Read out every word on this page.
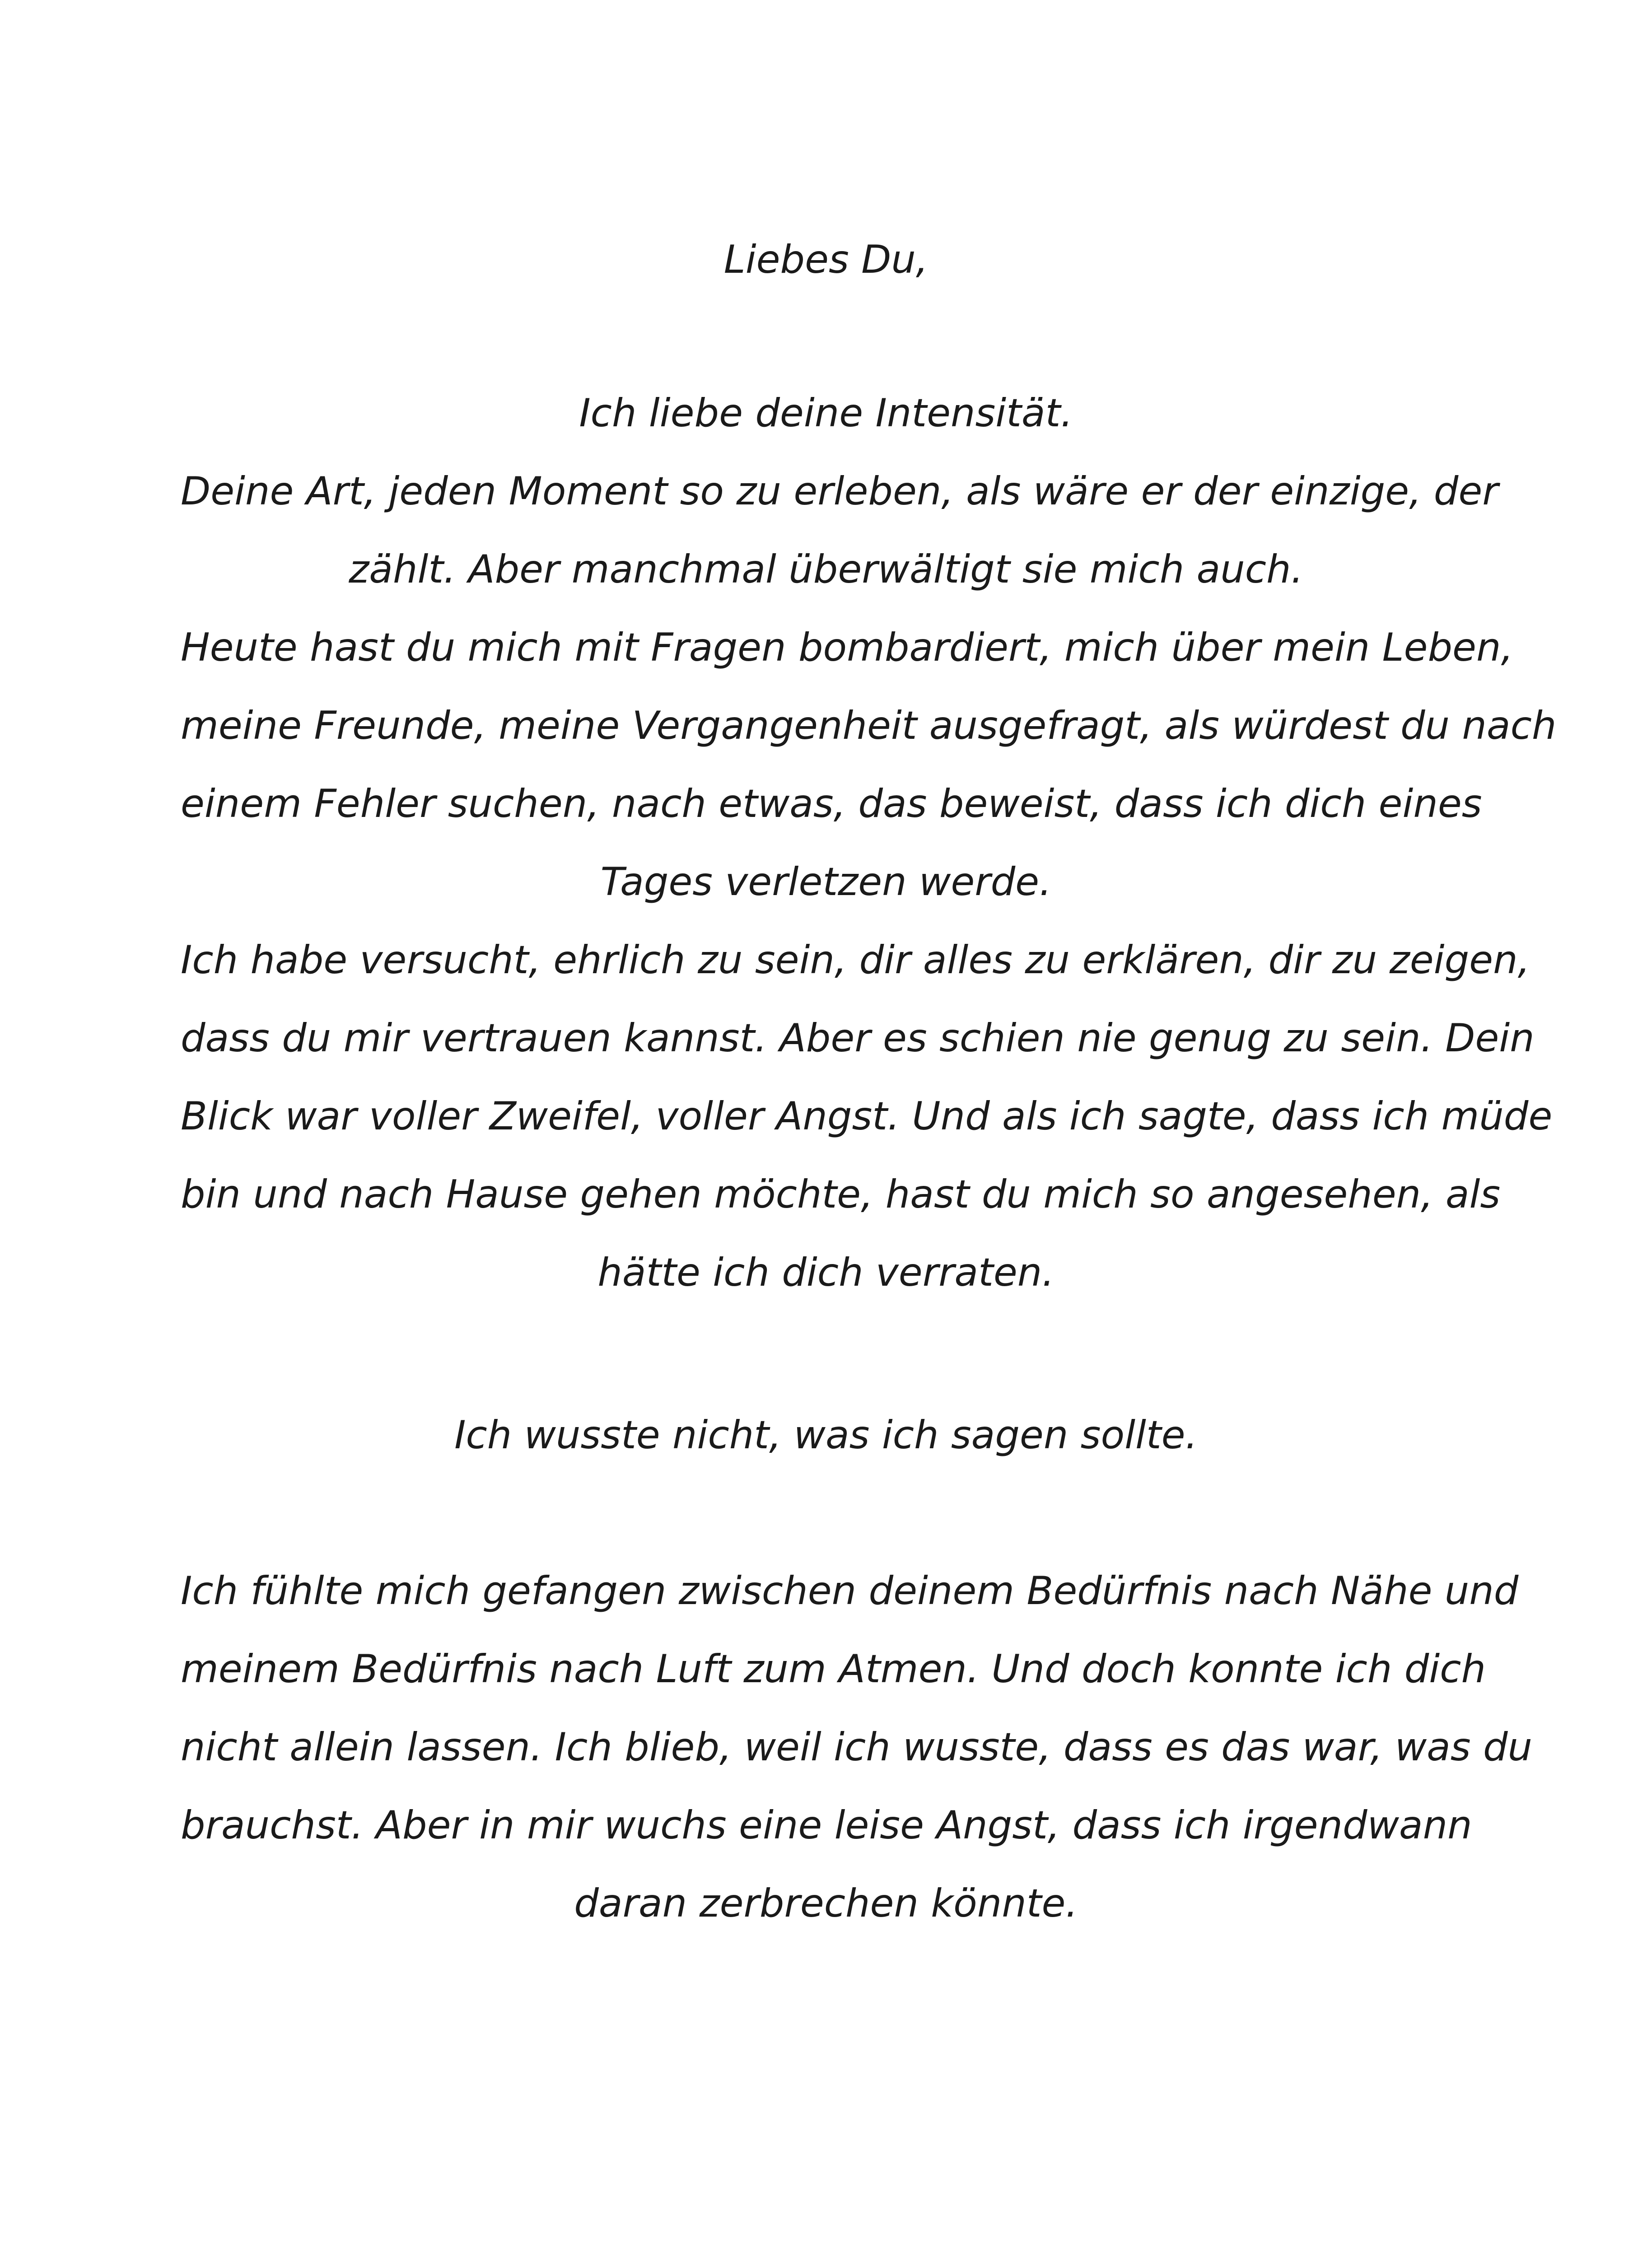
Liebes Du,
Ich liebe deine Intensität.
Deine Art, jeden Moment so zu erleben, als wäre er der einzige, der
zählt. Aber manchmal überwältigt sie mich auch.
Heute hast du mich mit Fragen bombardiert, mich über mein Leben,
meine Freunde, meine Vergangenheit ausgefragt, als würdest du nach
einem Fehler suchen, nach etwas, das beweist, dass ich dich eines
Tages verletzen werde.
Ich habe versucht, ehrlich zu sein, dir alles zu erklären, dir zu zeigen,
dass du mir vertrauen kannst. Aber es schien nie genug zu sein. Dein
Blick war voller Zweifel, voller Angst. Und als ich sagte, dass ich müde
bin und nach Hause gehen möchte, hast du mich so angesehen, als
hätte ich dich verraten.
Ich wusste nicht, was ich sagen sollte.
Ich fühlte mich gefangen zwischen deinem Bedürfnis nach Nähe und
meinem Bedürfnis nach Luft zum Atmen. Und doch konnte ich dich
nicht allein lassen. Ich blieb, weil ich wusste, dass es das war, was du
brauchst. Aber in mir wuchs eine leise Angst, dass ich irgendwann
daran zerbrechen könnte.
